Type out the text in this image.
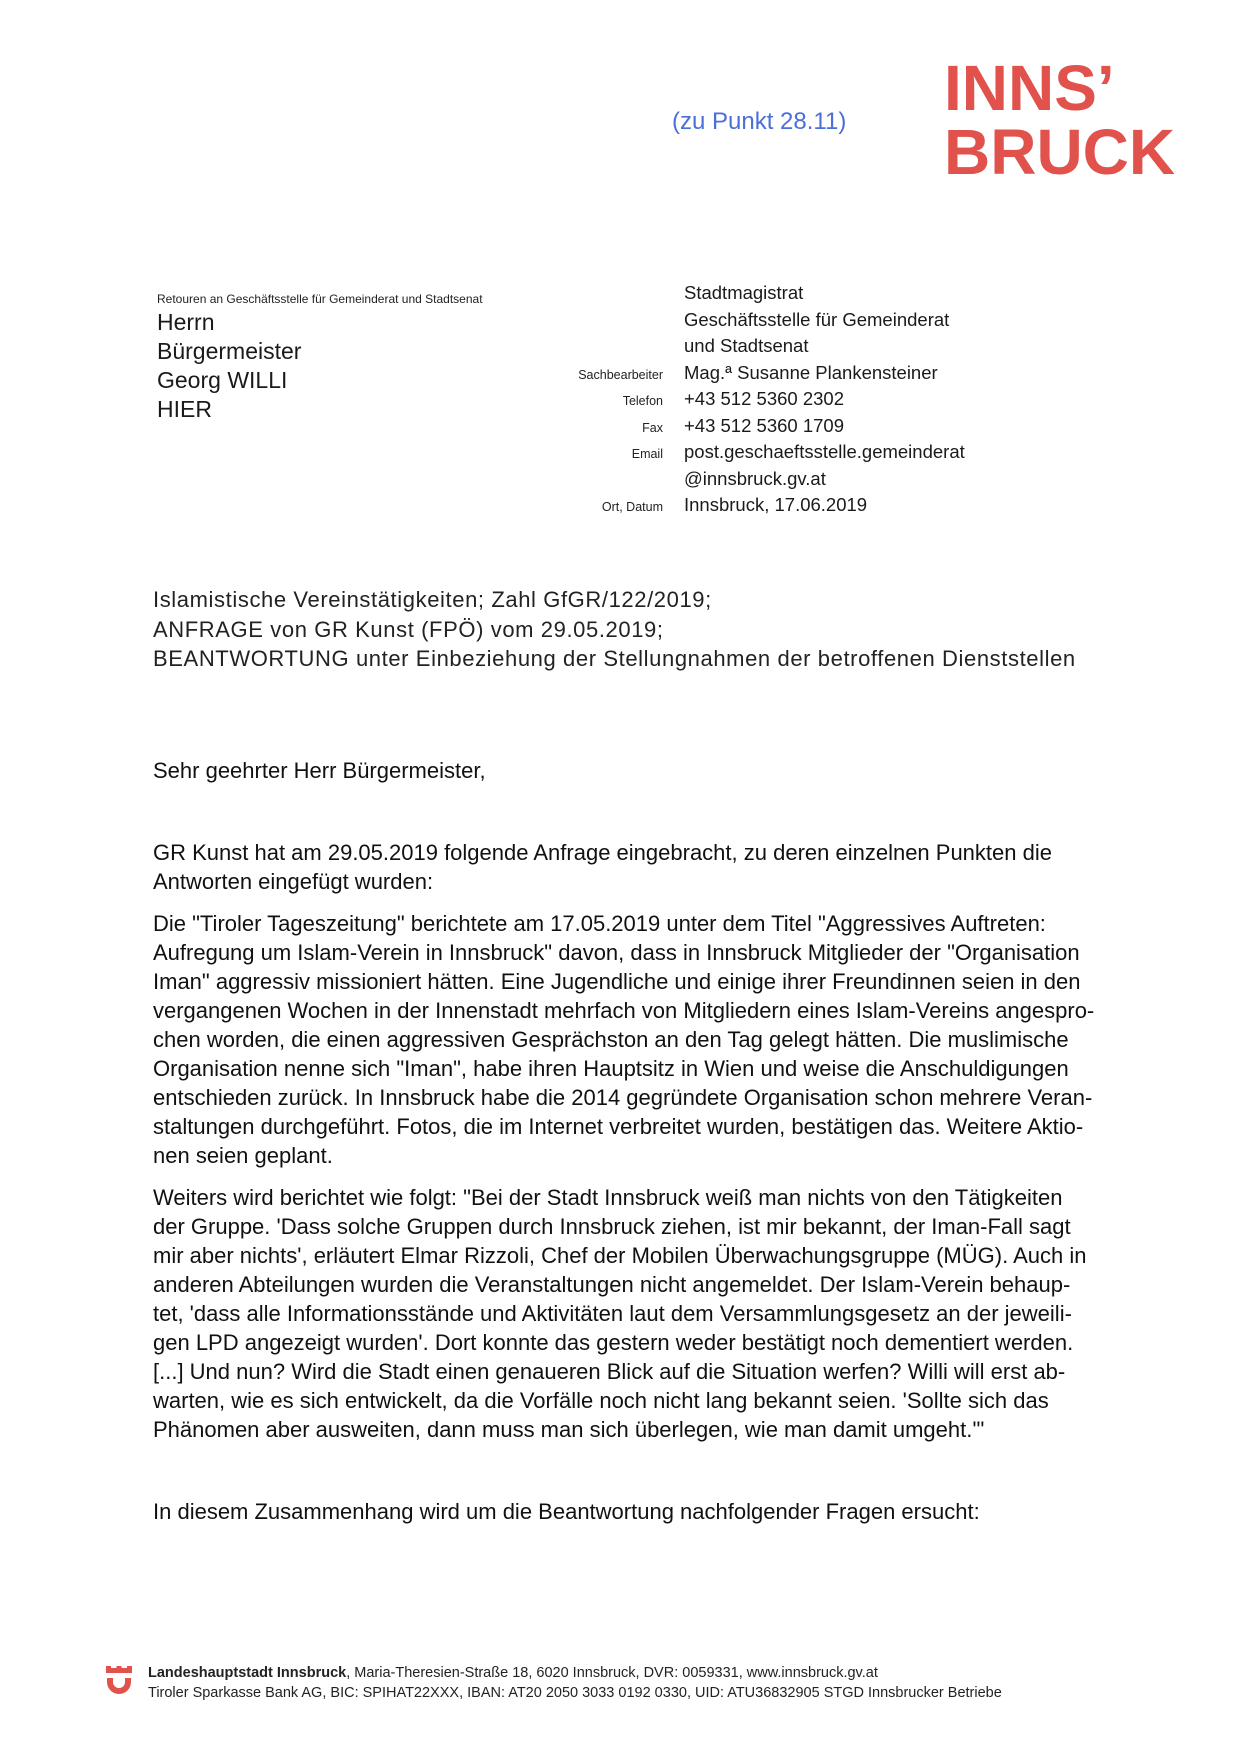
(zu Punkt 28.11) INNS’
BRUCK
Retouren an Geschäftsstelle für Gemeinderat und Stadtsenat
Herrn
Bürgermeister
Georg WILLI
HIER
Stadtmagistrat
Geschäftsstelle für Gemeinderat
und Stadtsenat
Sachbearbeiter Mag.ª Susanne Plankensteiner
Telefon +43 512 5360 2302
Fax +43 512 5360 1709
Email post.geschaeftsstelle.gemeinderat
@innsbruck.gv.at
Ort, Datum Innsbruck, 17.06.2019
Islamistische Vereinstätigkeiten; Zahl GfGR/122/2019;
ANFRAGE von GR Kunst (FPÖ) vom 29.05.2019;
BEANTWORTUNG unter Einbeziehung der Stellungnahmen der betroffenen Dienststellen
Sehr geehrter Herr Bürgermeister,
GR Kunst hat am 29.05.2019 folgende Anfrage eingebracht, zu deren einzelnen Punkten die
Antworten eingefügt wurden:
Die "Tiroler Tageszeitung" berichtete am 17.05.2019 unter dem Titel "Aggressives Auftreten:
Aufregung um Islam-Verein in Innsbruck" davon, dass in Innsbruck Mitglieder der "Organisation
Iman" aggressiv missioniert hätten. Eine Jugendliche und einige ihrer Freundinnen seien in den
vergangenen Wochen in der Innenstadt mehrfach von Mitgliedern eines Islam-Vereins angespro-
chen worden, die einen aggressiven Gesprächston an den Tag gelegt hätten. Die muslimische
Organisation nenne sich "Iman", habe ihren Hauptsitz in Wien und weise die Anschuldigungen
entschieden zurück. In Innsbruck habe die 2014 gegründete Organisation schon mehrere Veran-
staltungen durchgeführt. Fotos, die im Internet verbreitet wurden, bestätigen das. Weitere Aktio-
nen seien geplant.
Weiters wird berichtet wie folgt: "Bei der Stadt Innsbruck weiß man nichts von den Tätigkeiten
der Gruppe. 'Dass solche Gruppen durch Innsbruck ziehen, ist mir bekannt, der Iman-Fall sagt
mir aber nichts', erläutert Elmar Rizzoli, Chef der Mobilen Überwachungsgruppe (MÜG). Auch in
anderen Abteilungen wurden die Veranstaltungen nicht angemeldet. Der Islam-Verein behaup-
tet, 'dass alle Informationsstände und Aktivitäten laut dem Versammlungsgesetz an der jeweili-
gen LPD angezeigt wurden'. Dort konnte das gestern weder bestätigt noch dementiert werden.
[...] Und nun? Wird die Stadt einen genaueren Blick auf die Situation werfen? Willi will erst ab-
warten, wie es sich entwickelt, da die Vorfälle noch nicht lang bekannt seien. 'Sollte sich das
Phänomen aber ausweiten, dann muss man sich überlegen, wie man damit umgeht.'"
In diesem Zusammenhang wird um die Beantwortung nachfolgender Fragen ersucht:
Landeshauptstadt Innsbruck, Maria-Theresien-Straße 18, 6020 Innsbruck, DVR: 0059331, www.innsbruck.gv.at
Tiroler Sparkasse Bank AG, BIC: SPIHAT22XXX, IBAN: AT20 2050 3033 0192 0330, UID: ATU36832905 STGD Innsbrucker Betriebe
